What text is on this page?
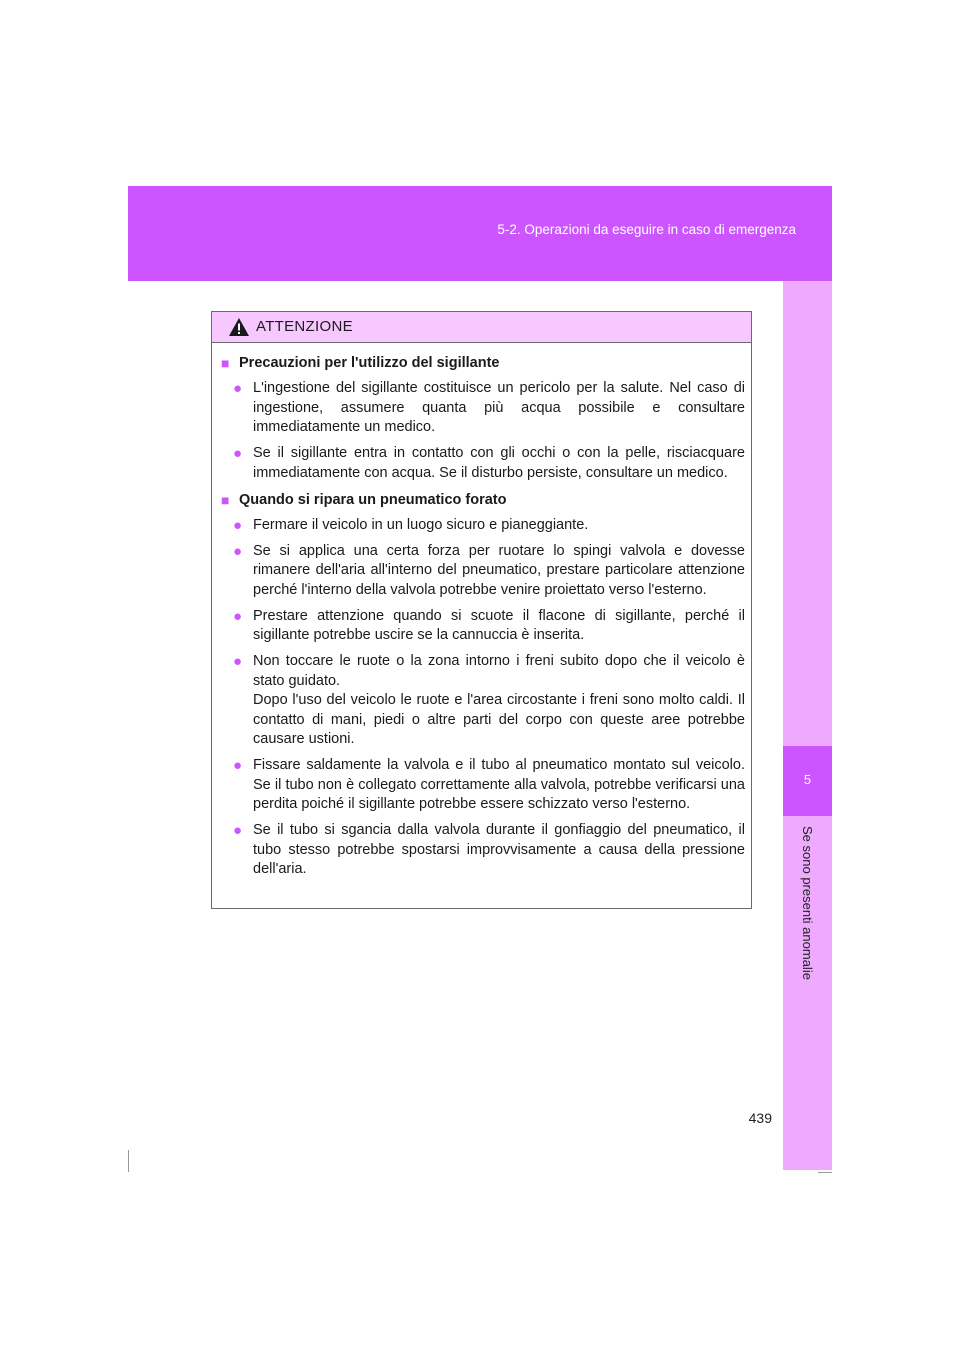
5-2. Operazioni da eseguire in caso di emergenza
5
Se sono presenti anomalie
ATTENZIONE
■ Precauzioni per l'utilizzo del sigillante
● L'ingestione del sigillante costituisce un pericolo per la salute. Nel caso di ingestione, assumere quanta più acqua possibile e consultare immediatamente un medico.

● Se il sigillante entra in contatto con gli occhi o con la pelle, risciacquare immediatamente con acqua. Se il disturbo persiste, consultare un medico.

■ Quando si ripara un pneumatico forato
● Fermare il veicolo in un luogo sicuro e pianeggiante.

● Se si applica una certa forza per ruotare lo spingi valvola e dovesse rimanere dell'aria all'interno del pneumatico, prestare particolare attenzione perché l'interno della valvola potrebbe venire proiettato verso l'esterno.

● Prestare attenzione quando si scuote il flacone di sigillante, perché il sigillante potrebbe uscire se la cannuccia è inserita.

● Non toccare le ruote o la zona intorno i freni subito dopo che il veicolo è stato guidato.

Dopo l'uso del veicolo le ruote e l'area circostante i freni sono molto caldi. Il contatto di mani, piedi o altre parti del corpo con queste aree potrebbe causare ustioni.

● Fissare saldamente la valvola e il tubo al pneumatico montato sul veicolo. Se il tubo non è collegato correttamente alla valvola, potrebbe verificarsi una perdita poiché il sigillante potrebbe essere schizzato verso l'esterno.

● Se il tubo si sgancia dalla valvola durante il gonfiaggio del pneumatico, il tubo stesso potrebbe spostarsi improvvisamente a causa della pressione dell'aria.

439
